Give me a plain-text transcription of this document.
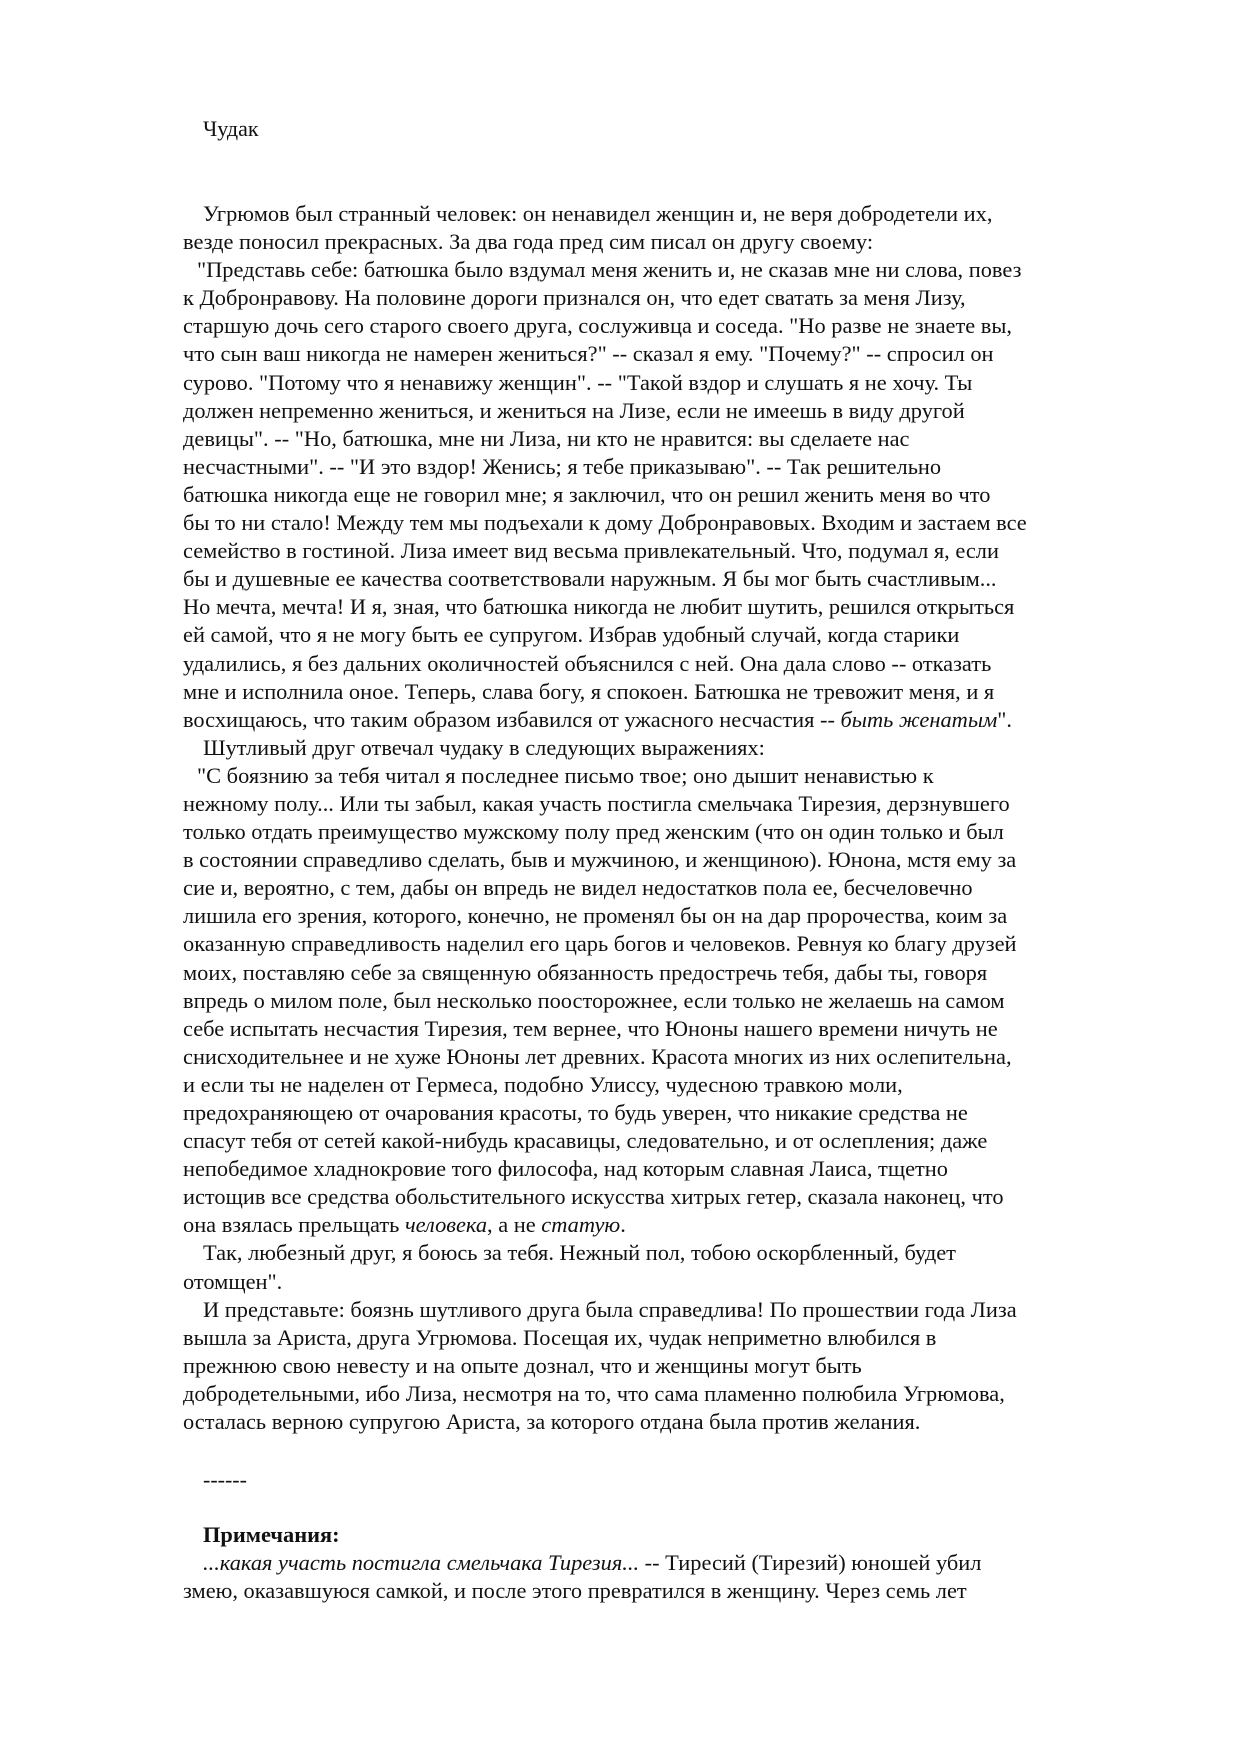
Чудак
Угрюмов был странный человек: он ненавидел женщин и, не веря добродетели их,
везде поносил прекрасных. За два года пред сим писал он другу своему:
"Представь себе: батюшка было вздумал меня женить и, не сказав мне ни слова, повез
к Добронравову. На половине дороги признался он, что едет сватать за меня Лизу,
старшую дочь сего старого своего друга, сослуживца и соседа. "Но разве не знаете вы,
что сын ваш никогда не намерен жениться?" -- сказал я ему. "Почему?" -- спросил он
сурово. "Потому что я ненавижу женщин". -- "Такой вздор и слушать я не хочу. Ты
должен непременно жениться, и жениться на Лизе, если не имеешь в виду другой
девицы". -- "Но, батюшка, мне ни Лиза, ни кто не нравится: вы сделаете нас
несчастными". -- "И это вздор! Женись; я тебе приказываю". -- Так решительно
батюшка никогда еще не говорил мне; я заключил, что он решил женить меня во что
бы то ни стало! Между тем мы подъехали к дому Добронравовых. Входим и застаем все
семейство в гостиной. Лиза имеет вид весьма привлекательный. Что, подумал я, если
бы и душевные ее качества соответствовали наружным. Я бы мог быть счастливым...
Но мечта, мечта! И я, зная, что батюшка никогда не любит шутить, решился открыться
ей самой, что я не могу быть ее супругом. Избрав удобный случай, когда старики
удалились, я без дальних околичностей объяснился с ней. Она дала слово -- отказать
мне и исполнила оное. Теперь, слава богу, я спокоен. Батюшка не тревожит меня, и я
восхищаюсь, что таким образом избавился от ужасного несчастия -- быть женатым".
Шутливый друг отвечал чудаку в следующих выражениях:
"С боязнию за тебя читал я последнее письмо твое; оно дышит ненавистью к
нежному полу... Или ты забыл, какая участь постигла смельчака Тирезия, дерзнувшего
только отдать преимущество мужскому полу пред женским (что он один только и был
в состоянии справедливо сделать, быв и мужчиною, и женщиною). Юнона, мстя ему за
сие и, вероятно, с тем, дабы он впредь не видел недостатков пола ее, бесчеловечно
лишила его зрения, которого, конечно, не променял бы он на дар пророчества, коим за
оказанную справедливость наделил его царь богов и человеков. Ревнуя ко благу друзей
моих, поставляю себе за священную обязанность предостречь тебя, дабы ты, говоря
впредь о милом поле, был несколько поосторожнее, если только не желаешь на самом
себе испытать несчастия Тирезия, тем вернее, что Юноны нашего времени ничуть не
снисходительнее и не хуже Юноны лет древних. Красота многих из них ослепительна,
и если ты не наделен от Гермеса, подобно Улиссу, чудесною травкою моли,
предохраняющею от очарования красоты, то будь уверен, что никакие средства не
спасут тебя от сетей какой-нибудь красавицы, следовательно, и от ослепления; даже
непобедимое хладнокровие того философа, над которым славная Лаиса, тщетно
истощив все средства обольстительного искусства хитрых гетер, сказала наконец, что
она взялась прельщать человека, а не статую.
Так, любезный друг, я боюсь за тебя. Нежный пол, тобою оскорбленный, будет
отомщен".
И представьте: боязнь шутливого друга была справедлива! По прошествии года Лиза
вышла за Ариста, друга Угрюмова. Посещая их, чудак неприметно влюбился в
прежнюю свою невесту и на опыте дознал, что и женщины могут быть
добродетельными, ибо Лиза, несмотря на то, что сама пламенно полюбила Угрюмова,
осталась верною супругою Ариста, за которого отдана была против желания.
------
Примечания:
...какая участь постигла смельчака Тирезия... -- Тиресий (Тирезий) юношей убил
змею, оказавшуюся самкой, и после этого превратился в женщину. Через семь лет
